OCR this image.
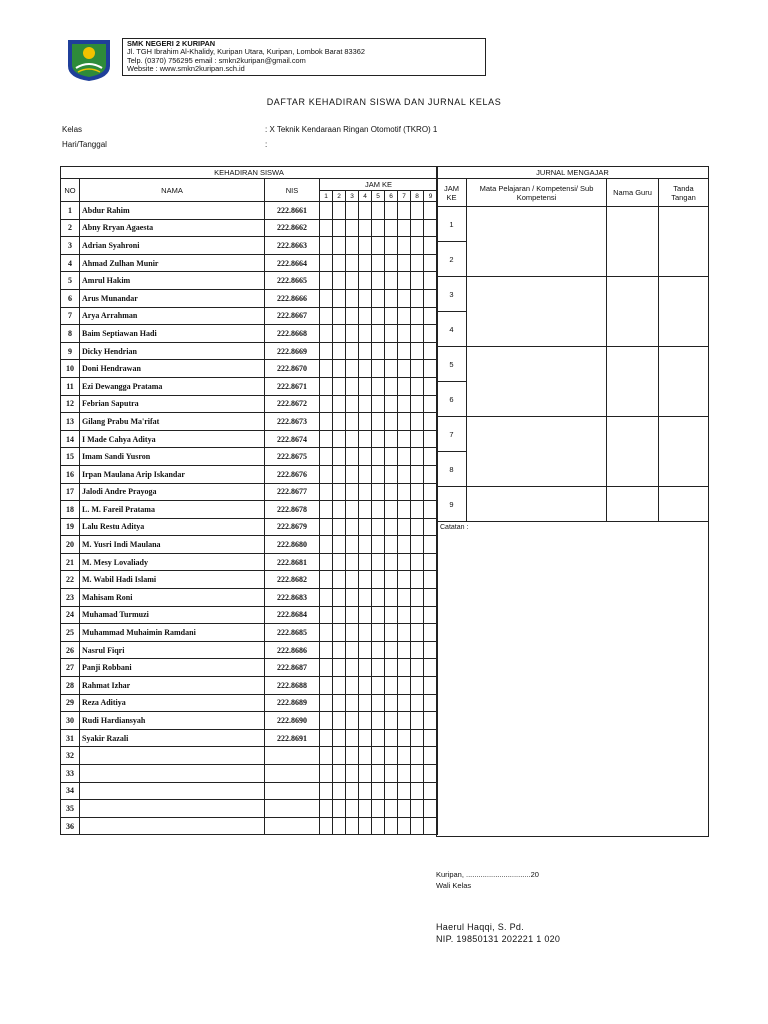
SMK NEGERI 2 KURIPAN
Jl. TGH Ibrahim Al-Khalidy, Kuripan Utara, Kuripan, Lombok Barat 83362
Telp. (0370) 756295 email : smkn2kuripan@gmail.com
Website : www.smkn2kuripan.sch.id
DAFTAR KEHADIRAN SISWA DAN JURNAL KELAS
Kelas	: X Teknik Kendaraan Ringan Otomotif (TKRO) 1
Hari/Tanggal	:
KEHADIRAN SISWA											
NO	NAMA	NIS	JAM KE								
			1	2	3	4	5	6	7	8	9
1	Abdur Rahim	222.8661									
2	Abny Rryan Agaesta	222.8662									
3	Adrian Syahroni	222.8663									
4	Ahmad Zulhan Munir	222.8664									
5	Amrul Hakim	222.8665									
6	Arus Munandar	222.8666									
7	Arya Arrahman	222.8667									
8	Baim Septiawan Hadi	222.8668									
9	Dicky Hendrian	222.8669									
10	Doni Hendrawan	222.8670									
11	Ezi Dewangga Pratama	222.8671									
12	Febrian Saputra	222.8672									
13	Gilang Prabu Ma'rifat	222.8673									
14	I Made Cahya Aditya	222.8674									
15	Imam Sandi Yusron	222.8675									
16	Irpan Maulana Arip Iskandar	222.8676									
17	Jalodi Andre Prayoga	222.8677									
18	L. M. Fareil Pratama	222.8678									
19	Lalu Restu Aditya	222.8679									
20	M. Yusri Indi Maulana	222.8680									
21	M. Mesy Lovaliady	222.8681									
22	M. Wabil Hadi Islami	222.8682									
23	Mahisam Roni	222.8683									
24	Muhamad Turmuzi	222.8684									
25	Muhammad Muhaimin Ramdani	222.8685									
26	Nasrul Fiqri	222.8686									
27	Panji Robbani	222.8687									
28	Rahmat Izhar	222.8688									
29	Reza Aditiya	222.8689									
30	Rudi Hardiansyah	222.8690									
31	Syakir Razali	222.8691									
32											
33											
34											
35											
36											
JURNAL MENGAJAR			
JAM KE	Mata Pelajaran / Kompetensi/ Sub Kompetensi	Nama Guru	Tanda Tangan
1			
2			
3			
4			
5			
6			
7			
8			
9			
Catatan :			
Kuripan, ...............................20
Wali Kelas
Haerul Haqqi, S. Pd.
NIP. 19850131 202221 1 020
